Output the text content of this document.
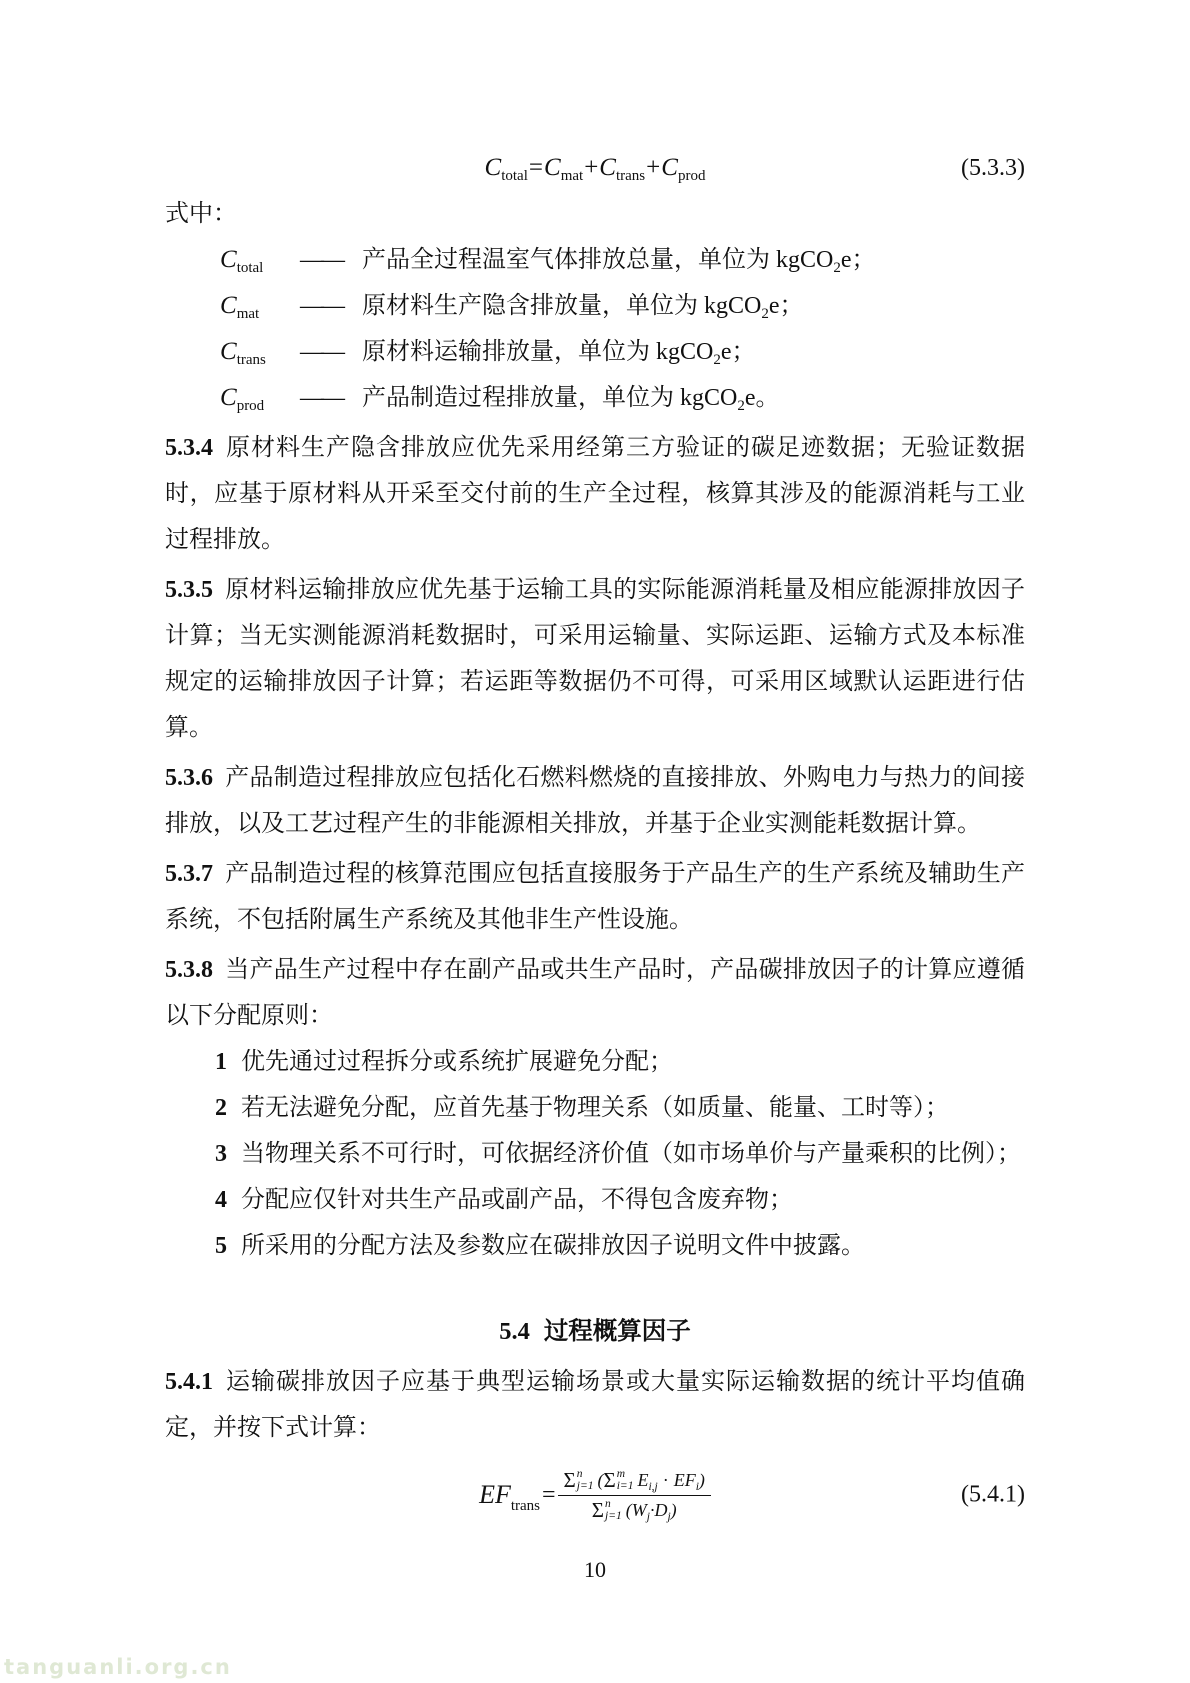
$C_{total}=C_{mat}+C_{trans}+C_{prod}$	(5.3.3)

式中：

$C_{total}$	—— 产品全过程温室气体排放总量，单位为 kgCO$_2$e；
$C_{mat}$	—— 原材料生产隐含排放量，单位为 kgCO$_2$e；
$C_{trans}$	—— 原材料运输排放量，单位为 kgCO$_2$e；
$C_{prod}$	—— 产品制造过程排放量，单位为 kgCO$_2$e。

5.3.4 原材料生产隐含排放应优先采用经第三方验证的碳足迹数据；无验证数据时，应基于原材料从开采至交付前的生产全过程，核算其涉及的能源消耗与工业过程排放。

5.3.5 原材料运输排放应优先基于运输工具的实际能源消耗量及相应能源排放因子计算；当无实测能源消耗数据时，可采用运输量、实际运距、运输方式及本标准规定的运输排放因子计算；若运距等数据仍不可得，可采用区域默认运距进行估算。

5.3.6 产品制造过程排放应包括化石燃料燃烧的直接排放、外购电力与热力的间接排放，以及工艺过程产生的非能源相关排放，并基于企业实测能耗数据计算。

5.3.7 产品制造过程的核算范围应包括直接服务于产品生产的生产系统及辅助生产系统，不包括附属生产系统及其他非生产性设施。

5.3.8 当产品生产过程中存在副产品或共生产品时，产品碳排放因子的计算应遵循以下分配原则：

1 优先通过过程拆分或系统扩展避免分配；
2 若无法避免分配，应首先基于物理关系（如质量、能量、工时等）；
3 当物理关系不可行时，可依据经济价值（如市场单价与产量乘积的比例）；
4 分配应仅针对共生产品或副产品，不得包含废弃物；
5 所采用的分配方法及参数应在碳排放因子说明文件中披露。
5.4 过程概算因子

5.4.1 运输碳排放因子应基于典型运输场景或大量实际运输数据的统计平均值确定，并按下式计算：

$EF_{trans} = \Sigma$ n
j=1 ( Σ m
i=1 $E_{i,j} \cdot EF_i$ )
Σ n
j=1 ( $W_j \cdot D_j$ )	(5.4.1)
10
tanguanli.org.cn
